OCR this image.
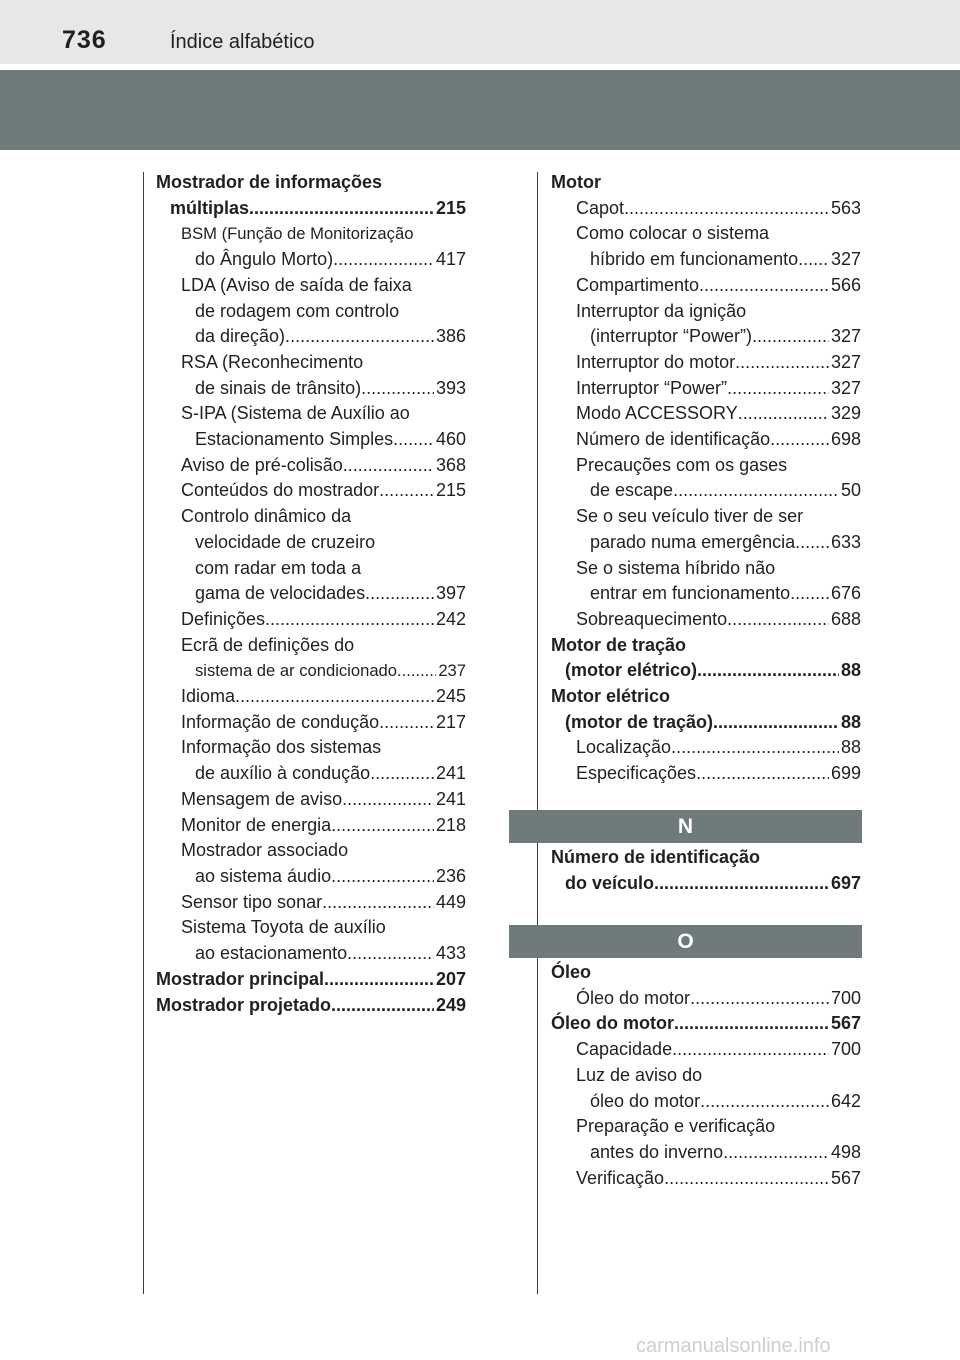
736	Índice alfabético
Mostrador de informações
múltiplas .....	215
BSM (Função de Monitorização
do Ângulo Morto) .....	417
LDA (Aviso de saída de faixa
de rodagem com controlo
da direção). .....	386
RSA (Reconhecimento
de sinais de trânsito) .....	393
S-IPA (Sistema de Auxílio ao
Estacionamento Simples ..... 460
Aviso de pré-colisão .....	368
Conteúdos do mostrador .....	215
Controlo dinâmico da
velocidade de cruzeiro
com radar em toda a
gama de velocidades .....	397
Definições .....	242
Ecrã de definições do
sistema de ar condicionado ..... 237
Idioma .....	245
Informação de condução .....	217
Informação dos sistemas
de auxílio à condução .....	241
Mensagem de aviso .....	241
Monitor de energia .....	218
Mostrador associado
ao sistema áudio .....	236
Sensor tipo sonar .....	449
Sistema Toyota de auxílio
ao estacionamento .....	433
Mostrador principal .....	207
Mostrador projetado .....	249
Motor
Capot .....	563
Como colocar o sistema
híbrido em funcionamento ..... 327
Compartimento .....	566
Interruptor da ignição
(interruptor “Power”) .....	327
Interruptor do motor .....	327
Interruptor “Power” .....	327
Modo ACCESSORY .....	329
Número de identificação .....	698
Precauções com os gases
de escape .....	50
Se o seu veículo tiver de ser
parado numa emergência ..... 633
Se o sistema híbrido não
entrar em funcionamento ..... 676
Sobreaquecimento .....	688
Motor de tração
(motor elétrico) .....	88
Motor elétrico
(motor de tração) .....	88
Localização .....	88
Especificações .....	699
N
Número de identificação
do veículo .....	697
O
Óleo
Óleo do motor .....	700
Óleo do motor .....	567
Capacidade .....	700
Luz de aviso do
óleo do motor .....	642
Preparação e verificação
antes do inverno .....	498
Verificação .....	567
carmanualsonline.info
